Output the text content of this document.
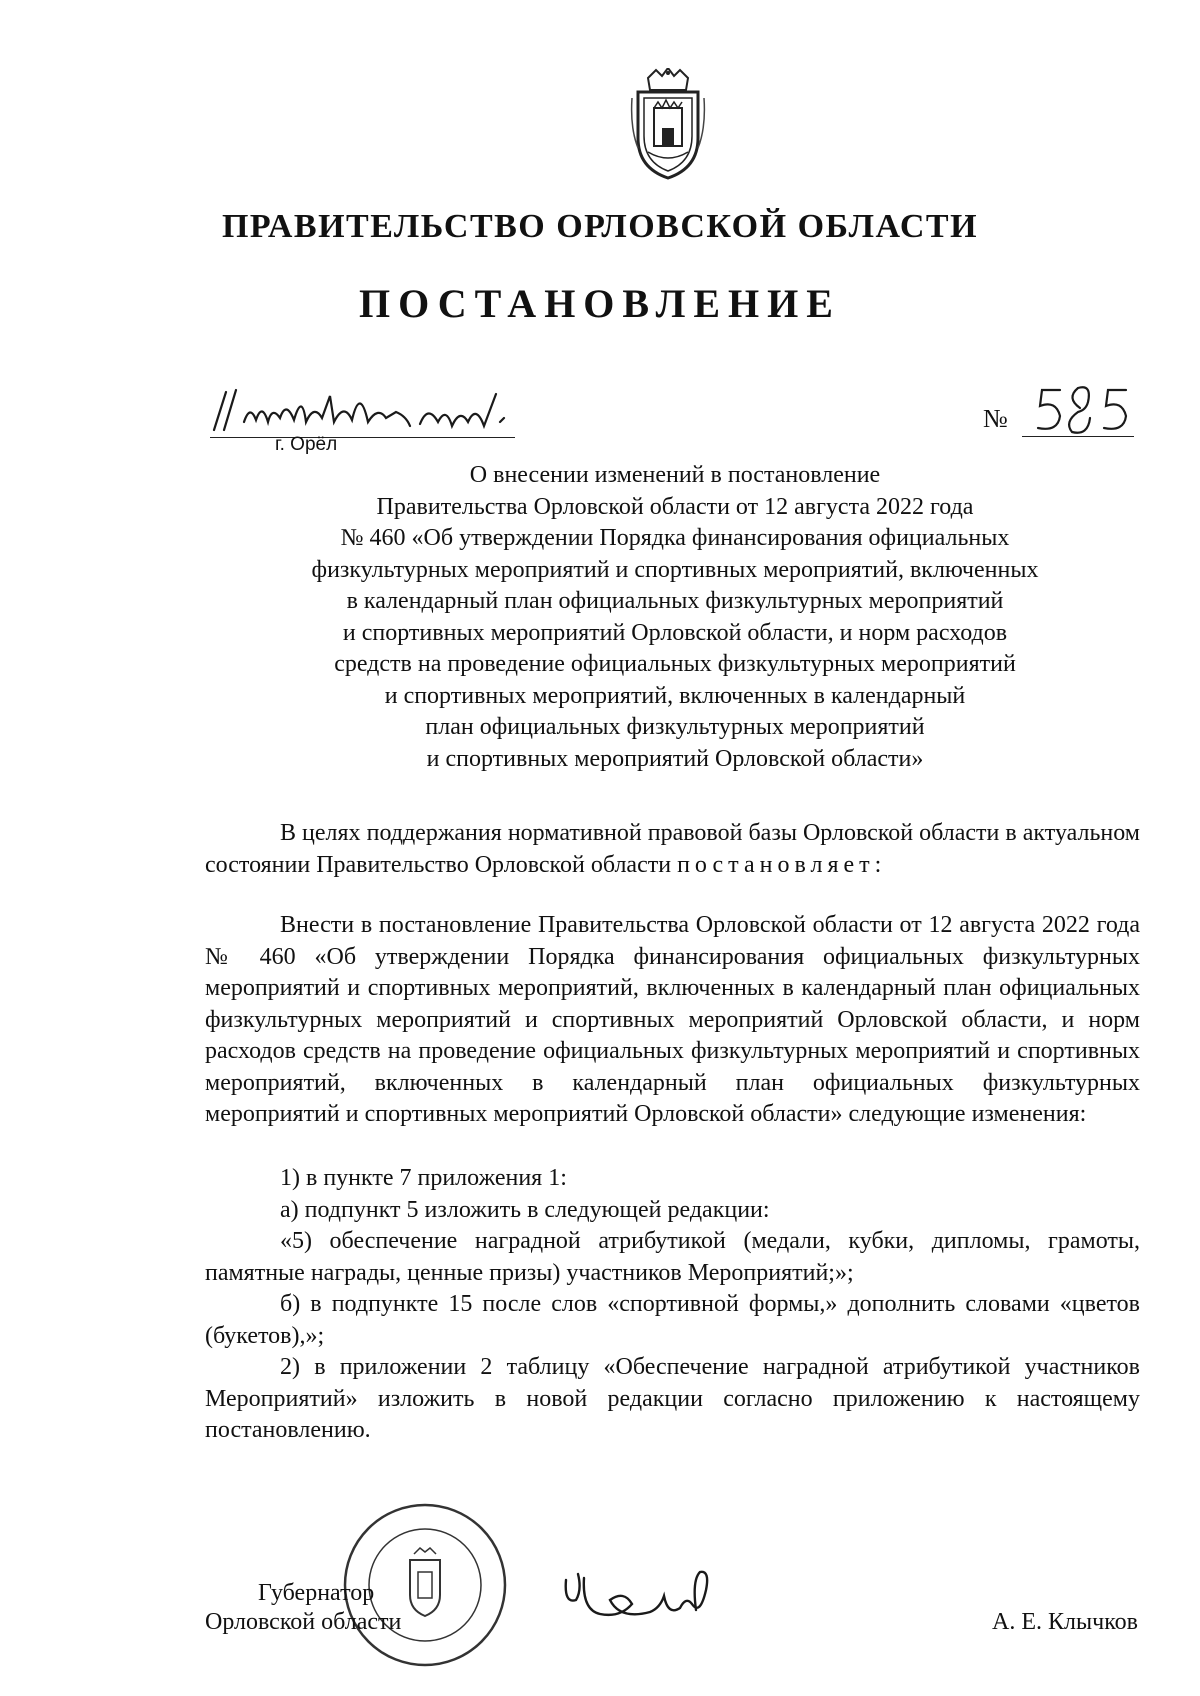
ПРАВИТЕЛЬСТВО ОРЛОВСКОЙ ОБЛАСТИ
ПОСТАНОВЛЕНИЕ
г. Орёл
№
О внесении изменений в постановление
Правительства Орловской области от 12 августа 2022 года
№ 460 «Об утверждении Порядка финансирования официальных
физкультурных мероприятий и спортивных мероприятий, включенных
в календарный план официальных физкультурных мероприятий
и спортивных мероприятий Орловской области, и норм расходов
средств на проведение официальных физкультурных мероприятий
и спортивных мероприятий, включенных в календарный
план официальных физкультурных мероприятий
и спортивных мероприятий Орловской области»

В целях поддержания нормативной правовой базы Орловской области в актуальном состоянии Правительство Орловской области постановляет:

Внести в постановление Правительства Орловской области от 12 августа 2022 года № 460 «Об утверждении Порядка финансирования официальных физкультурных мероприятий и спортивных мероприятий, включенных в календарный план официальных физкультурных мероприятий и спортивных мероприятий Орловской области, и норм расходов средств на проведение официальных физкультурных мероприятий и спортивных мероприятий, включенных в календарный план официальных физкультурных мероприятий и спортивных мероприятий Орловской области» следующие изменения:

1) в пункте 7 приложения 1:

а) подпункт 5 изложить в следующей редакции:

«5) обеспечение наградной атрибутикой (медали, кубки, дипломы, грамоты, памятные награды, ценные призы) участников Мероприятий;»;

б) в подпункте 15 после слов «спортивной формы,» дополнить словами «цветов (букетов),»;

2) в приложении 2 таблицу «Обеспечение наградной атрибутикой участников Мероприятий» изложить в новой редакции согласно приложению к настоящему постановлению.

Губернатор
Орловской области	А. Е. Клычков
